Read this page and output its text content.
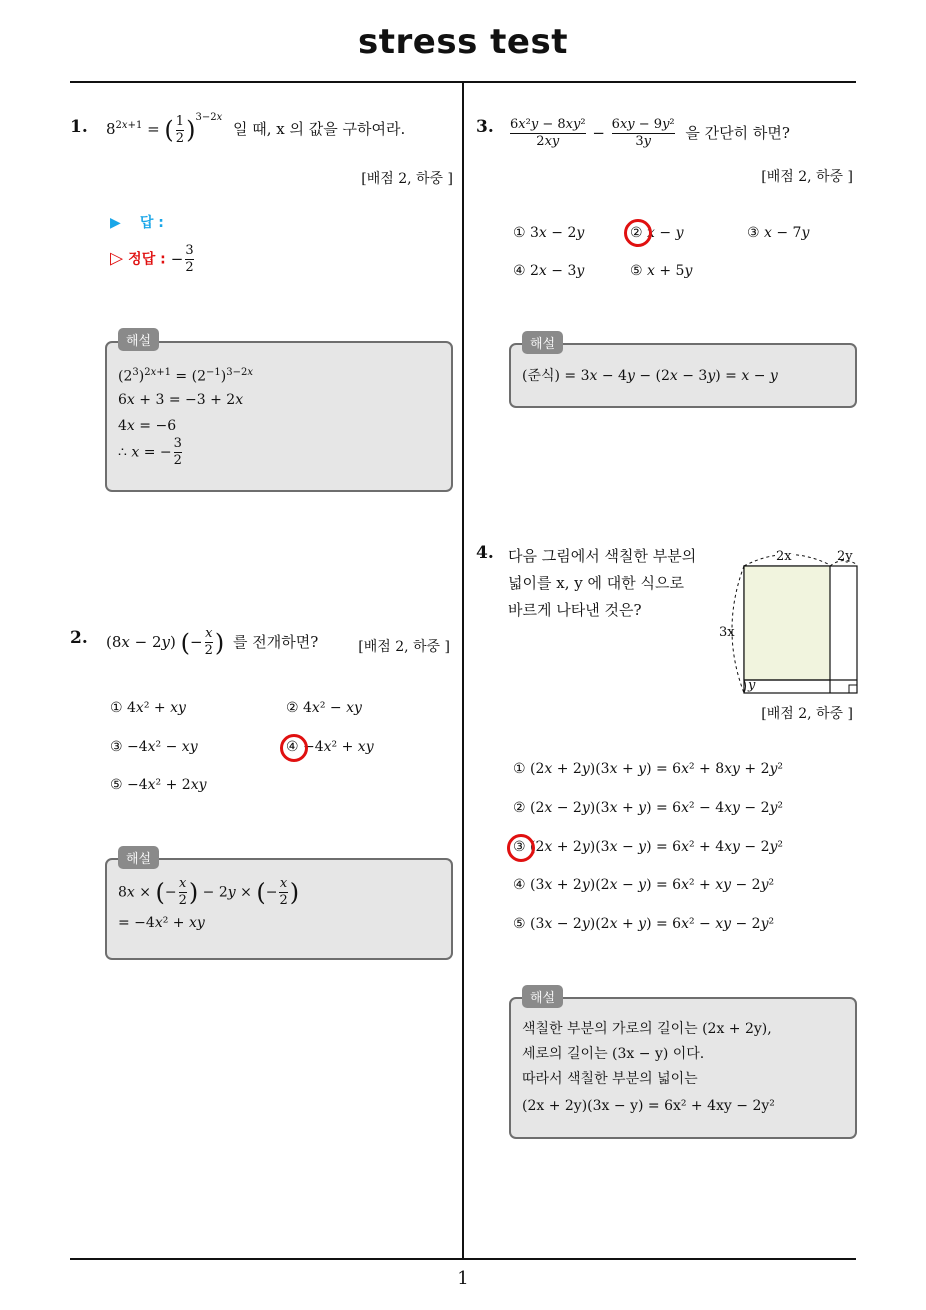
stress test
1
1. $8^{2x+1}$ = ( $\frac{1}{2} )^{3-2x}$ 일 때, x 의 값을 구하여라.
[배점 2, 하중 ]
▶ 답 :
▷ 정답 : − $\frac{3}{2}$
해설
$(2^3)^{2x+1} = (2^{-1})^{3-2x}$
6x + 3 = −3 + 2x
4x = −6
∴ x = − $\frac{3}{2}$
2. (8x − 2y) (− $\frac{x}{2}$ ) 를 전개하면?	[배점 2, 하중 ]
① 4x² + xy	② 4x² − xy
③ −4x² − xy	④ −4x² + xy
⑤ −4x² + 2xy
해설
8x × (− $\frac{x}{2}$ ) − 2y × (− $\frac{x}{2}$ )
= −4x² + xy
3. $\frac{\text{6x²y − 8xy²}}{2xy} - \frac{\text{6xy − 9y²}}{3y}$ 을 간단히 하면?
[배점 2, 하중 ]
① 3x − 2y	② x − y	③ x − 7y
④ 2x − 3y	⑤ x + 5y
해설
(준식) = 3x − 4y − (2x − 3y) = x − y
4. 다음 그림에서 색칠한 부분의
넓이를 x, y 에 대한 식으로
바르게 나타낸 것은?
2x	2y
3x
y
[배점 2, 하중 ]
① (2x + 2y)(3x + y) = 6x² + 8xy + 2y²
② (2x − 2y)(3x + y) = 6x² − 4xy − 2y²
③ (2x + 2y)(3x − y) = 6x² + 4xy − 2y²
④ (3x + 2y)(2x − y) = 6x² + xy − 2y²
⑤ (3x − 2y)(2x + y) = 6x² − xy − 2y²
해설
색칠한 부분의 가로의 길이는 (2x + 2y),
세로의 길이는 (3x − y) 이다.
따라서 색칠한 부분의 넓이는
(2x + 2y)(3x − y) = 6x² + 4xy − 2y²
